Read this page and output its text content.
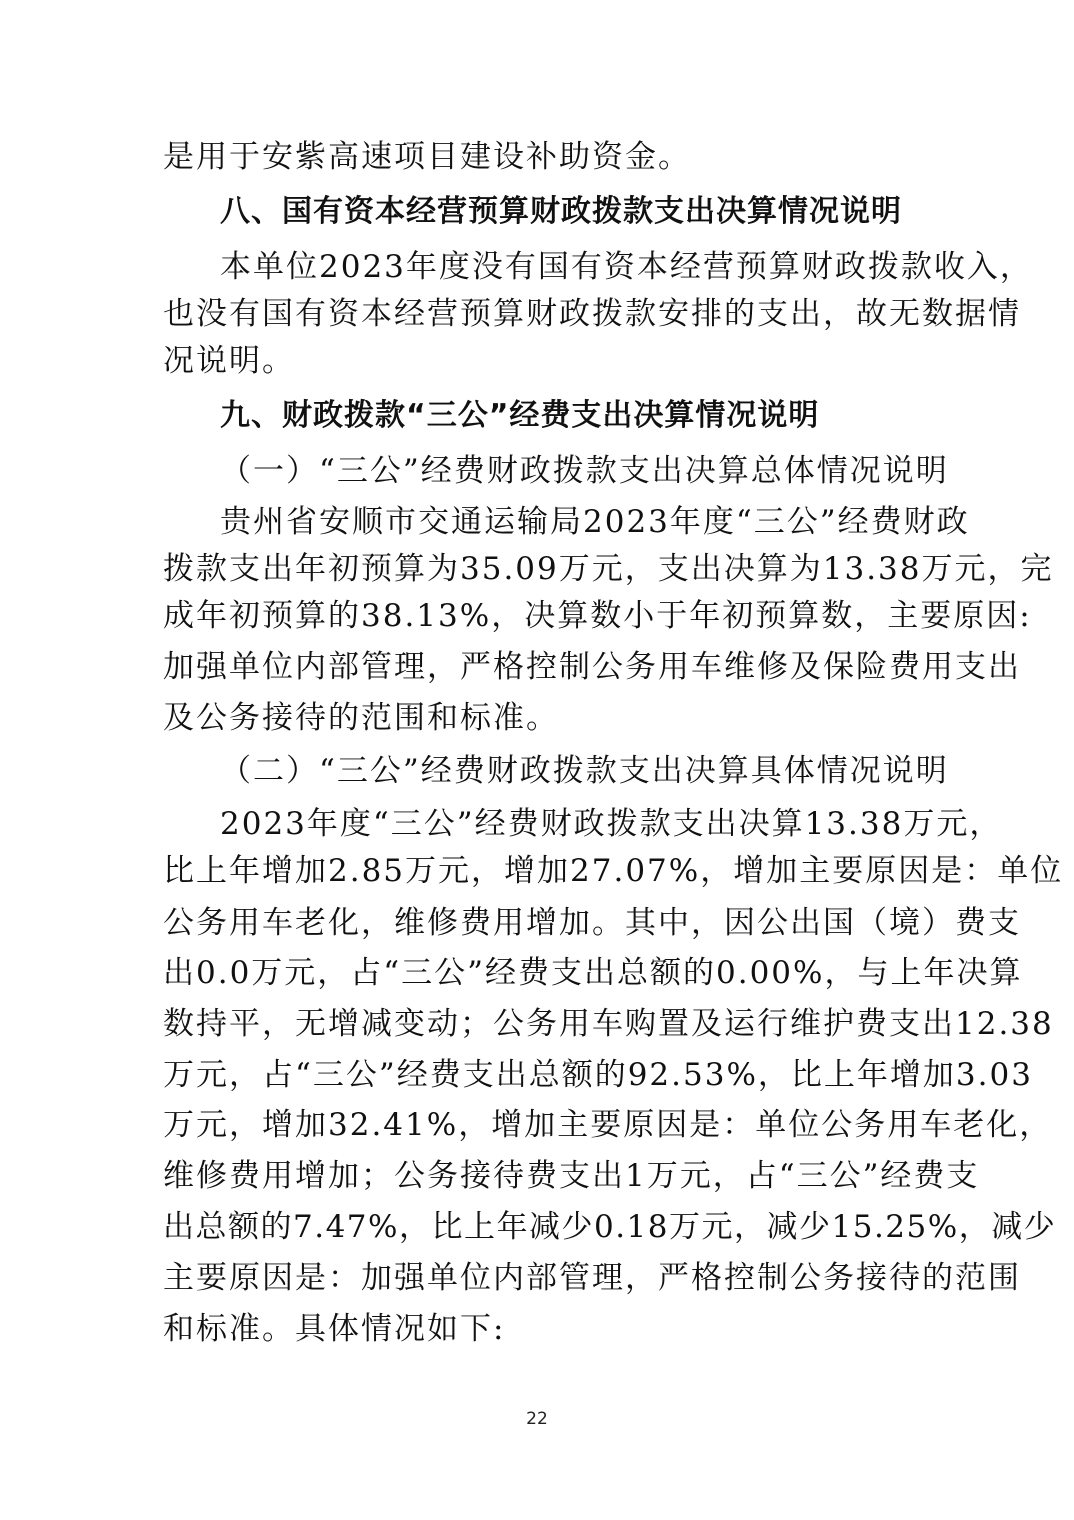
是用于安紫高速项目建设补助资金。
八、国有资本经营预算财政拨款支出决算情况说明
本单位2023年度没有国有资本经营预算财政拨款收入，
也没有国有资本经营预算财政拨款安排的支出，故无数据情
况说明。
九、财政拨款“三公”经费支出决算情况说明
（一）“三公”经费财政拨款支出决算总体情况说明
贵州省安顺市交通运输局2023年度“三公”经费财政
拨款支出年初预算为35.09万元，支出决算为13.38万元，完
成年初预算的38.13%，决算数小于年初预算数，主要原因:
加强单位内部管理，严格控制公务用车维修及保险费用支出
及公务接待的范围和标准。
（二）“三公”经费财政拨款支出决算具体情况说明
2023年度“三公”经费财政拨款支出决算13.38万元，
比上年增加2.85万元，增加27.07%，增加主要原因是：单位
公务用车老化，维修费用增加。其中，因公出国（境）费支
出0.0万元，占“三公”经费支出总额的0.00%，与上年决算
数持平，无增减变动；公务用车购置及运行维护费支出12.38
万元，占“三公”经费支出总额的92.53%，比上年增加3.03
万元，增加32.41%，增加主要原因是：单位公务用车老化，
维修费用增加；公务接待费支出1万元，占“三公”经费支
出总额的7.47%，比上年减少0.18万元，减少15.25%，减少
主要原因是：加强单位内部管理，严格控制公务接待的范围
和标准。具体情况如下:
22
